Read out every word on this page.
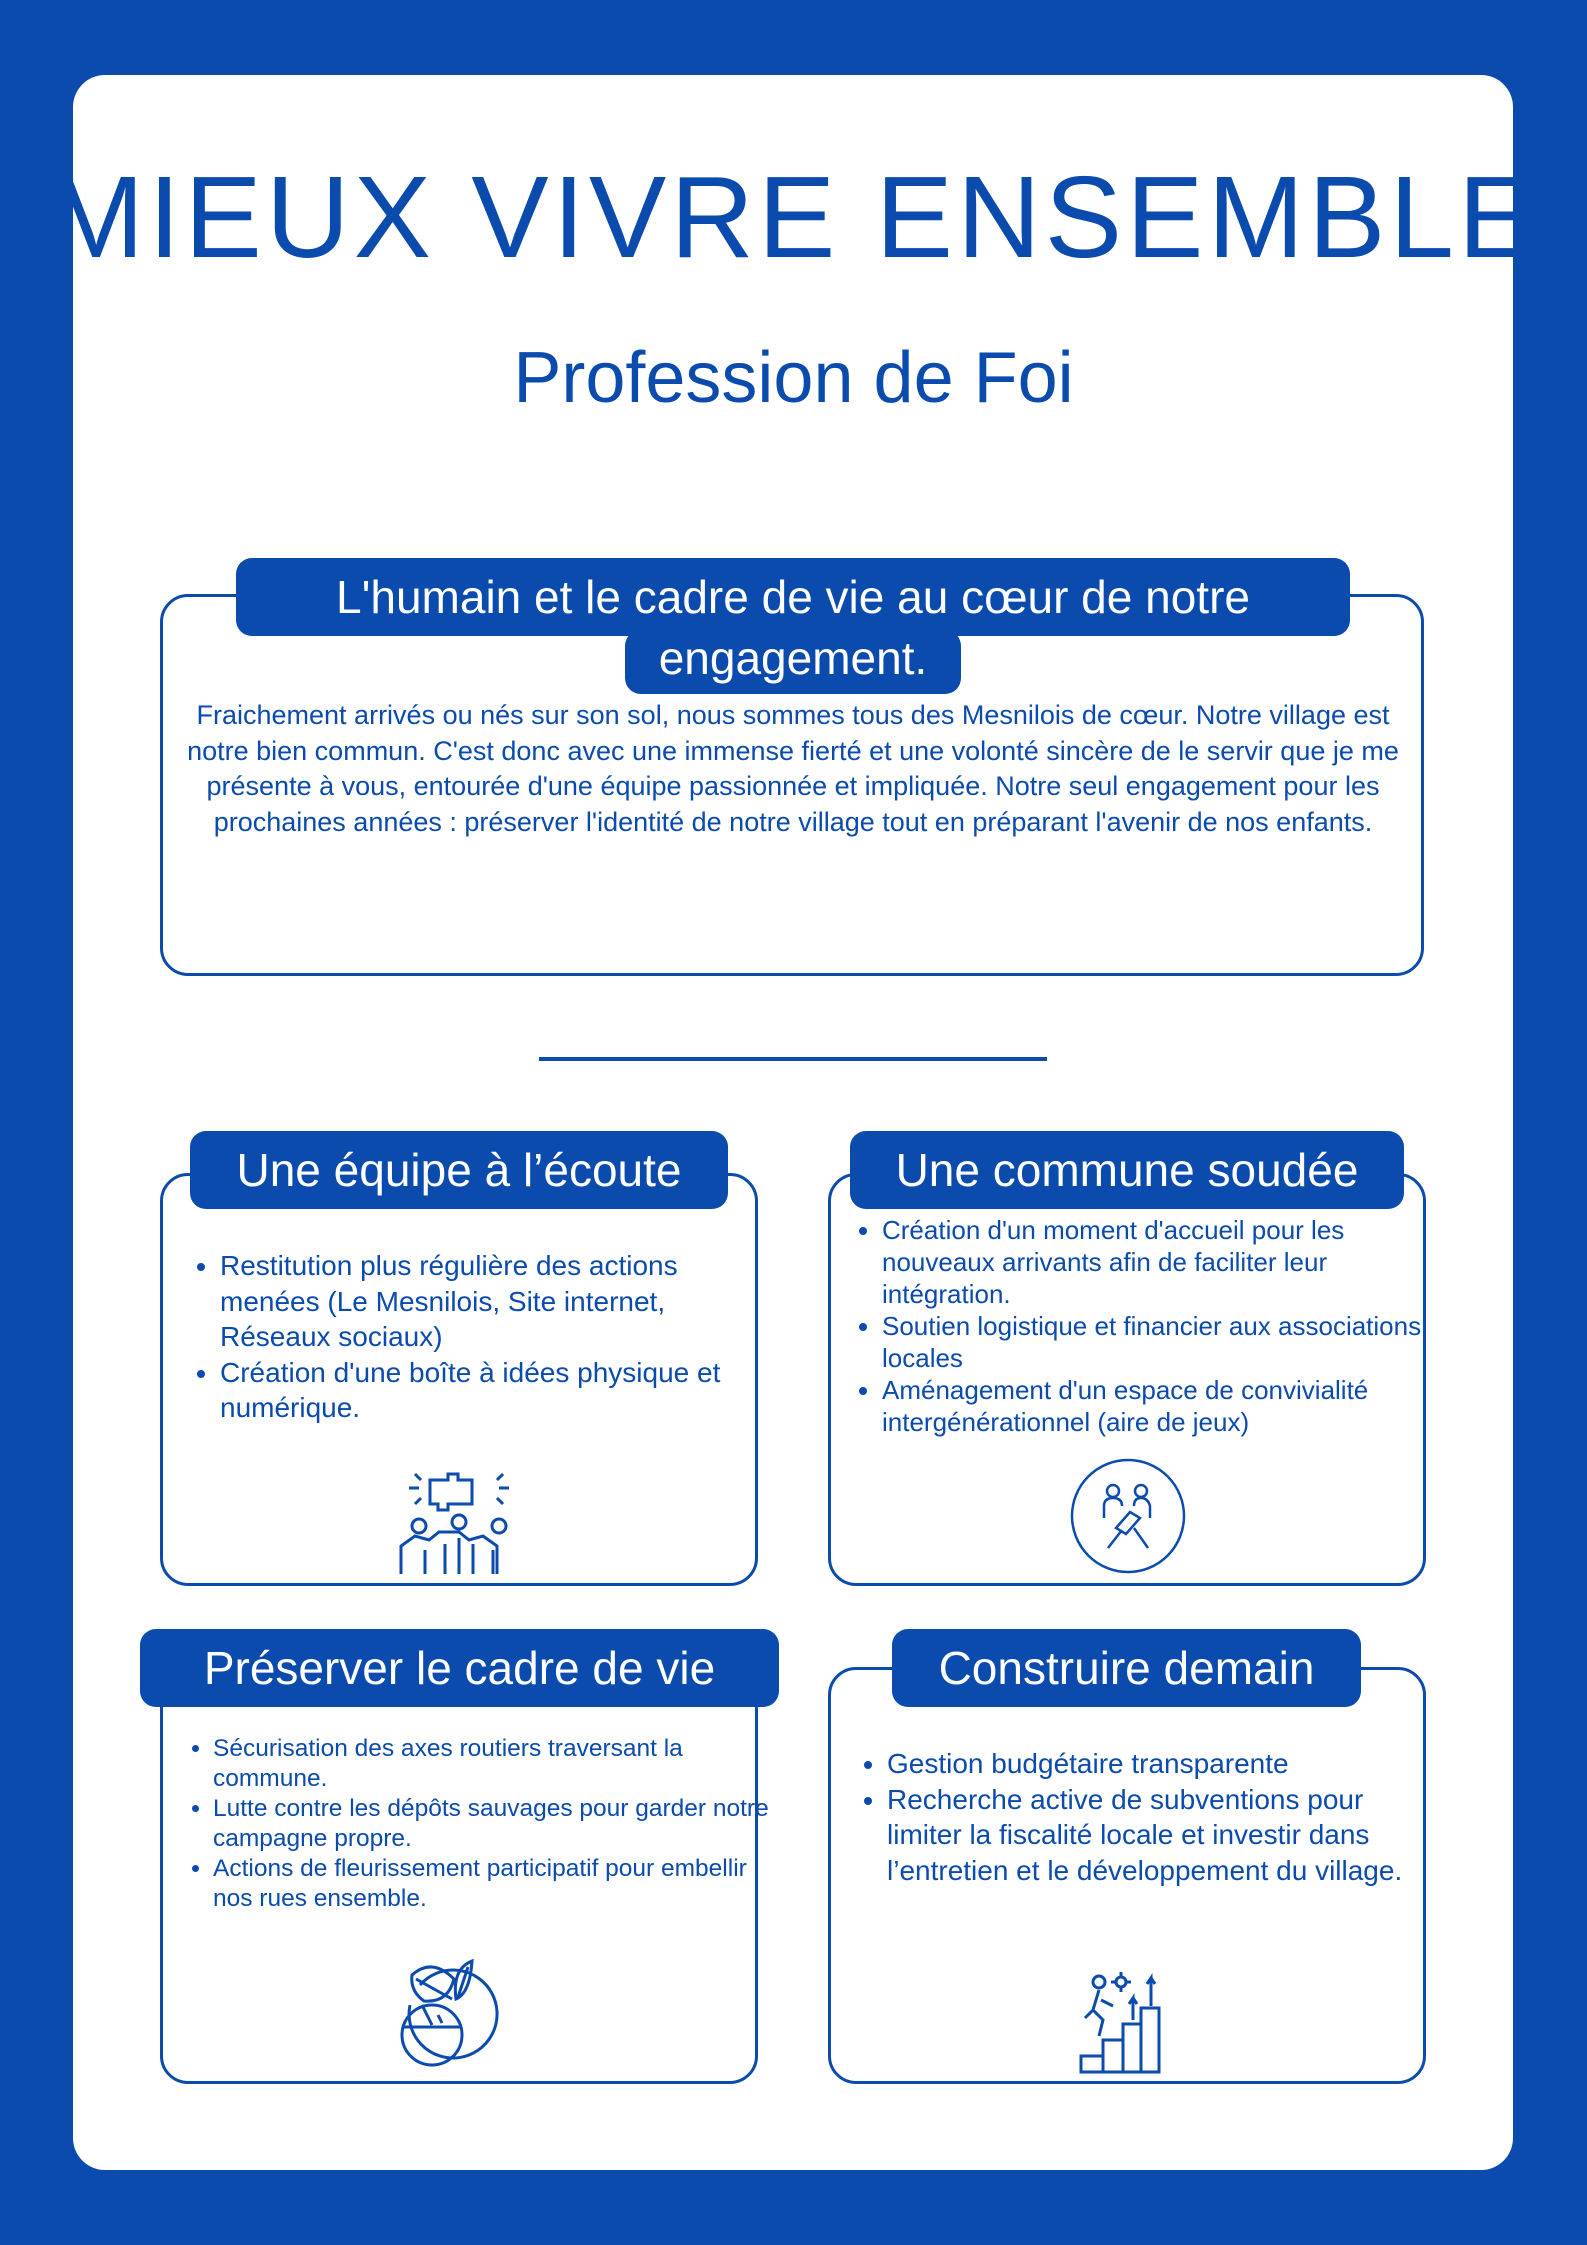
MIEUX VIVRE ENSEMBLE
Profession de Foi
L'humain et le cadre de vie au cœur de notre
engagement.
Fraichement arrivés ou nés sur son sol, nous sommes tous des Mesnilois de cœur. Notre village est notre bien commun. C'est donc avec une immense fierté et une volonté sincère de le servir que je me présente à vous, entourée d'une équipe passionnée et impliquée. Notre seul engagement pour les prochaines années : préserver l'identité de notre village tout en préparant l'avenir de nos enfants.
Une équipe à l’écoute
• Restitution plus régulière des actions menées (Le Mesnilois, Site internet, Réseaux sociaux)
• Création d'une boîte à idées physique et numérique.
Une commune soudée
• Création d'un moment d'accueil pour les nouveaux arrivants afin de faciliter leur intégration.
• Soutien logistique et financier aux associations locales
• Aménagement d'un espace de convivialité intergénérationnel (aire de jeux)
Préserver le cadre de vie
• Sécurisation des axes routiers traversant la commune.
• Lutte contre les dépôts sauvages pour garder notre campagne propre.
• Actions de fleurissement participatif pour embellir nos rues ensemble.
Construire demain
• Gestion budgétaire transparente
• Recherche active de subventions pour limiter la fiscalité locale et investir dans l’entretien et le développement du village.
